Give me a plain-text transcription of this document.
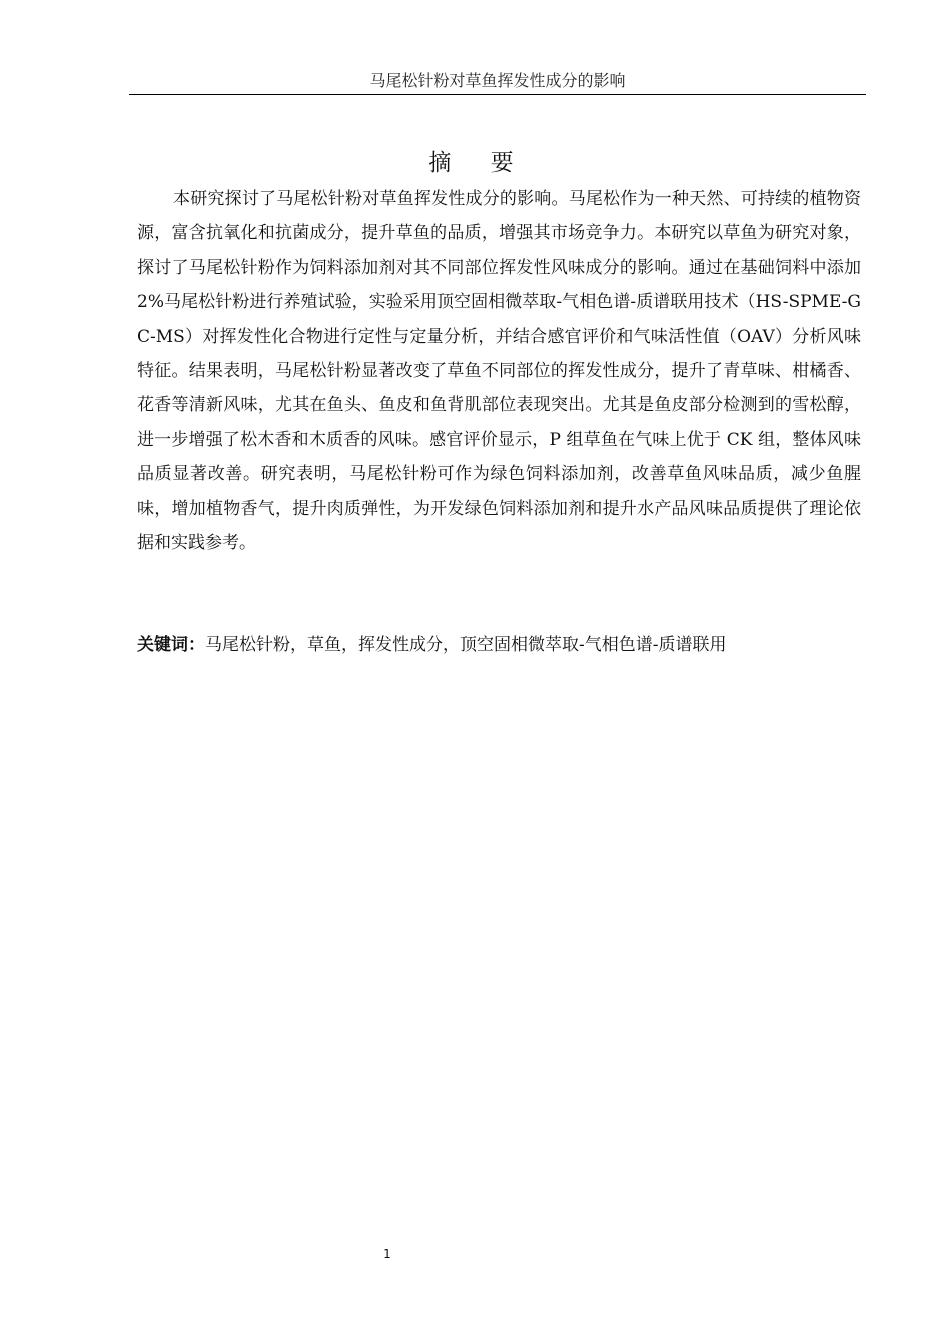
马尾松针粉对草鱼挥发性成分的影响
摘 要

本研究探讨了马尾松针粉对草鱼挥发性成分的影响。马尾松作为一种天然、可持续的植物资源，富含抗氧化和抗菌成分，提升草鱼的品质，增强其市场竞争力。本研究以草鱼为研究对象，探讨了马尾松针粉作为饲料添加剂对其不同部位挥发性风味成分的影响。通过在基础饲料中添加 2%马尾松针粉进行养殖试验，实验采用顶空固相微萃取-气相色谱-质谱联用技术（HS-SPME-GC-MS）对挥发性化合物进行定性与定量分析，并结合感官评价和气味活性值（OAV）分析风味特征。结果表明，马尾松针粉显著改变了草鱼不同部位的挥发性成分，提升了青草味、柑橘香、花香等清新风味，尤其在鱼头、鱼皮和鱼背肌部位表现突出。尤其是鱼皮部分检测到的雪松醇，进一步增强了松木香和木质香的风味。感官评价显示，P 组草鱼在气味上优于 CK 组，整体风味品质显著改善。研究表明，马尾松针粉可作为绿色饲料添加剂，改善草鱼风味品质，减少鱼腥味，增加植物香气，提升肉质弹性，为开发绿色饲料添加剂和提升水产品风味品质提供了理论依据和实践参考。

关键词：马尾松针粉，草鱼，挥发性成分，顶空固相微萃取-气相色谱-质谱联用

1
